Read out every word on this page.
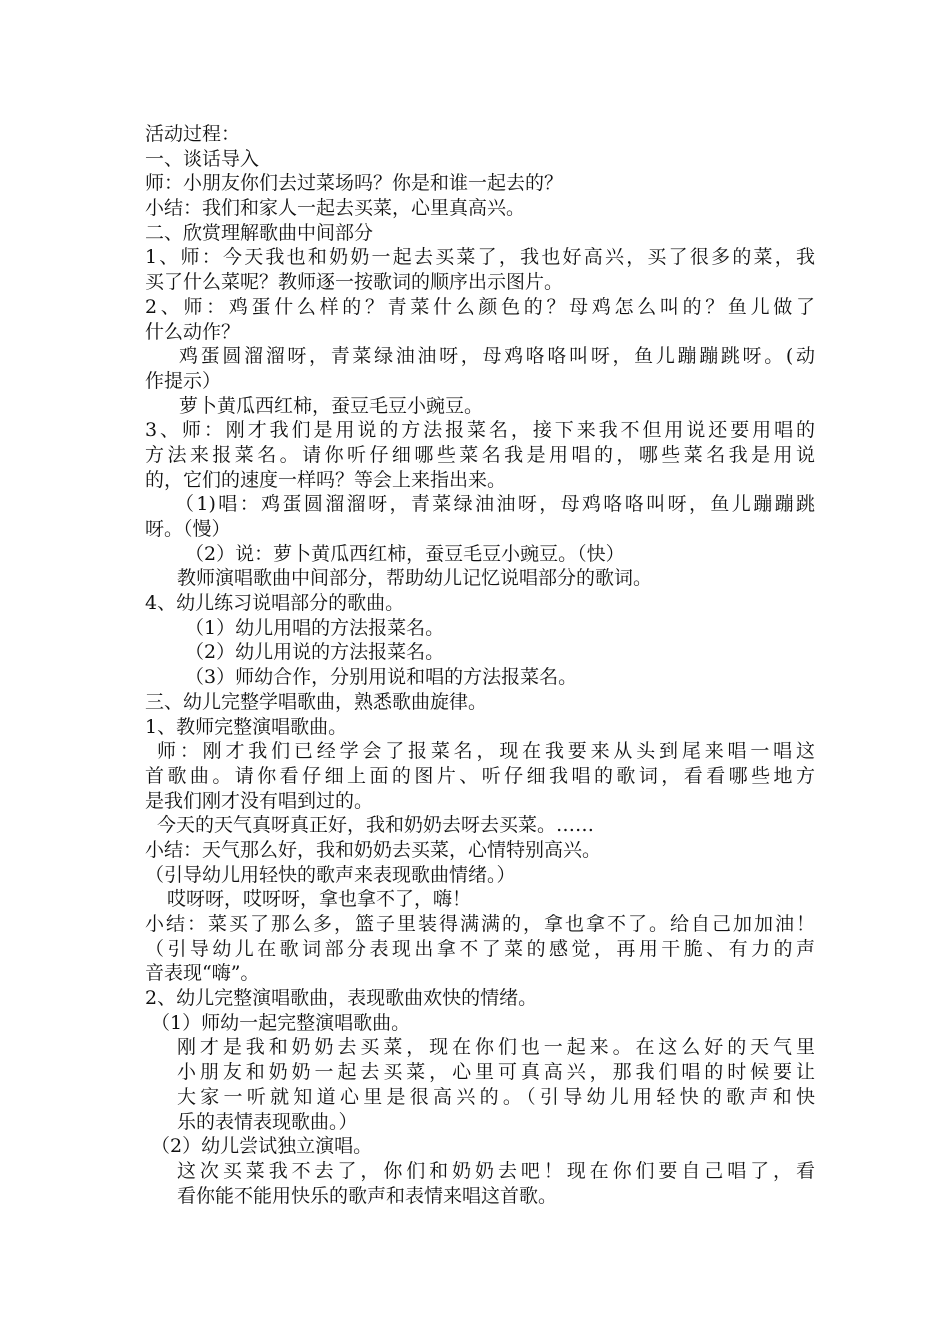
活动过程：

一、谈话导入

师：小朋友你们去过菜场吗？你是和谁一起去的？

小结：我们和家人一起去买菜，心里真高兴。

二、欣赏理解歌曲中间部分

1、师：今天我也和奶奶一起去买菜了，我也好高兴，买了很多的菜，我

买了什么菜呢？教师逐一按歌词的顺序出示图片。

2、师：鸡蛋什么样的？青菜什么颜色的？母鸡怎么叫的？鱼儿做了

什么动作？

鸡蛋圆溜溜呀，青菜绿油油呀，母鸡咯咯叫呀，鱼儿蹦蹦跳呀。(动

作提示）

萝卜黄瓜西红柿，蚕豆毛豆小豌豆。

3、师：刚才我们是用说的方法报菜名，接下来我不但用说还要用唱的

方法来报菜名。请你听仔细哪些菜名我是用唱的，哪些菜名我是用说

的，它们的速度一样吗？等会上来指出来。

（1)唱：鸡蛋圆溜溜呀，青菜绿油油呀，母鸡咯咯叫呀，鱼儿蹦蹦跳

呀。（慢）

（2）说：萝卜黄瓜西红柿，蚕豆毛豆小豌豆。（快）

教师演唱歌曲中间部分，帮助幼儿记忆说唱部分的歌词。

4、幼儿练习说唱部分的歌曲。

（1）幼儿用唱的方法报菜名。

（2）幼儿用说的方法报菜名。

（3）师幼合作，分别用说和唱的方法报菜名。

三、幼儿完整学唱歌曲，熟悉歌曲旋律。

1、教师完整演唱歌曲。

师：刚才我们已经学会了报菜名，现在我要来从头到尾来唱一唱这

首歌曲。请你看仔细上面的图片、听仔细我唱的歌词，看看哪些地方

是我们刚才没有唱到过的。

今天的天气真呀真正好，我和奶奶去呀去买菜。……

小结：天气那么好，我和奶奶去买菜，心情特别高兴。

（引导幼儿用轻快的歌声来表现歌曲情绪。）

哎呀呀，哎呀呀，拿也拿不了，嗨！

小结：菜买了那么多，篮子里装得满满的，拿也拿不了。给自己加加油！

（引导幼儿在歌词部分表现出拿不了菜的感觉，再用干脆、有力的声

音表现“嗨”。

2、幼儿完整演唱歌曲，表现歌曲欢快的情绪。

（1）师幼一起完整演唱歌曲。

刚才是我和奶奶去买菜，现在你们也一起来。在这么好的天气里

小朋友和奶奶一起去买菜，心里可真高兴，那我们唱的时候要让

大家一听就知道心里是很高兴的。（引导幼儿用轻快的歌声和快

乐的表情表现歌曲。）

（2）幼儿尝试独立演唱。

这次买菜我不去了，你们和奶奶去吧！现在你们要自己唱了，看

看你能不能用快乐的歌声和表情来唱这首歌。
